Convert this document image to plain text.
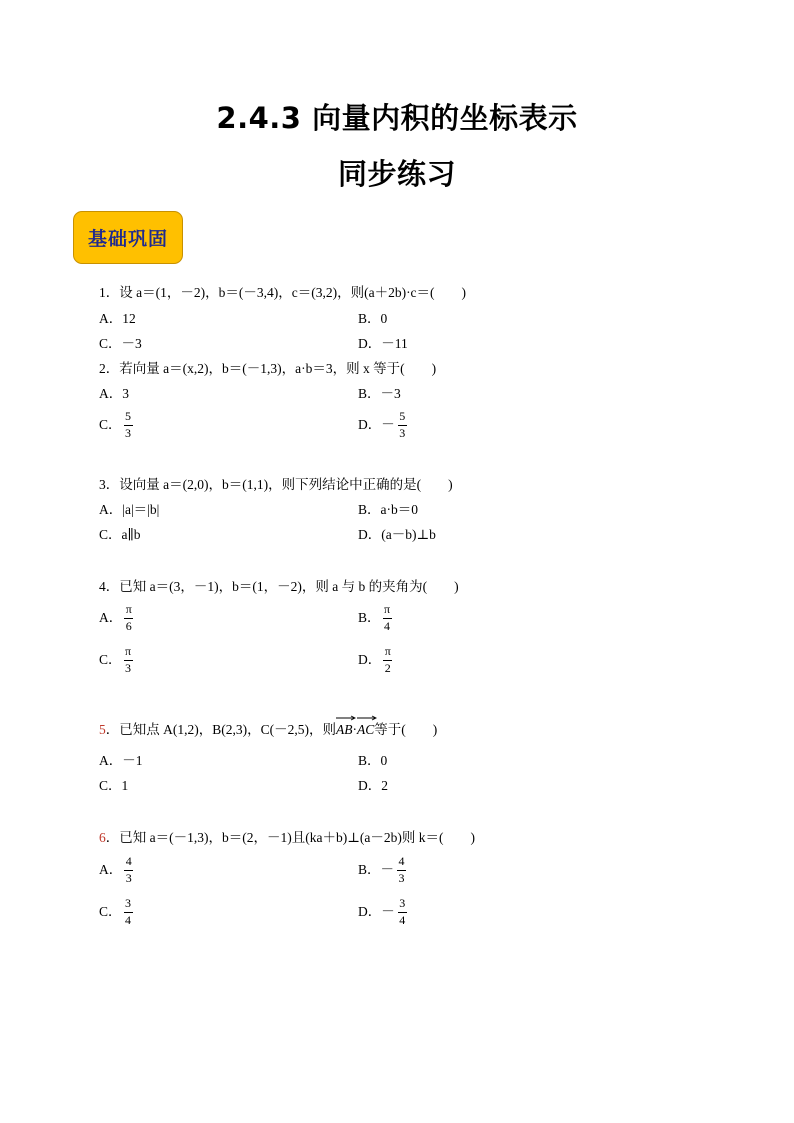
2.4.3 向量内积的坐标表示
同步练习
基础巩固
1．设 a＝(1，－2)，b＝(－3,4)，c＝(3,2)，则(a＋2b)·c＝(　　)
A．12	B．0
C．－3	D．－11
2．若向量 a＝(x,2)，b＝(－1,3)，a·b＝3，则 x 等于(　　)
A．3	B．－3
C． $\frac{5}{3}$	D． － $\frac{5}{3}$
3．设向量 a＝(2,0)，b＝(1,1)，则下列结论中正确的是(　　)
A．|a|＝|b|	B．a·b＝0
C．a∥b	D．(a－b)⊥b
4．已知 a＝(3，－1)，b＝(1，－2)，则 a 与 b 的夹角为(　　)
A． $\frac{\pi}{6}$	B． $\frac{\pi}{4}$
C． $\frac{\pi}{3}$	D． $\frac{\pi}{2}$
5．已知点 A(1,2)，B(2,3)，C(－2,5)，则
AB·
AC等于(　　)
A．－1	B．0
C．1	D．2
6．已知 a＝(－1,3)，b＝(2，－1)且(ka＋b)⊥(a－2b)则 k＝(　　)
A． $\frac{4}{3}$	B． － $\frac{4}{3}$
C． $\frac{3}{4}$	D． － $\frac{3}{4}$
